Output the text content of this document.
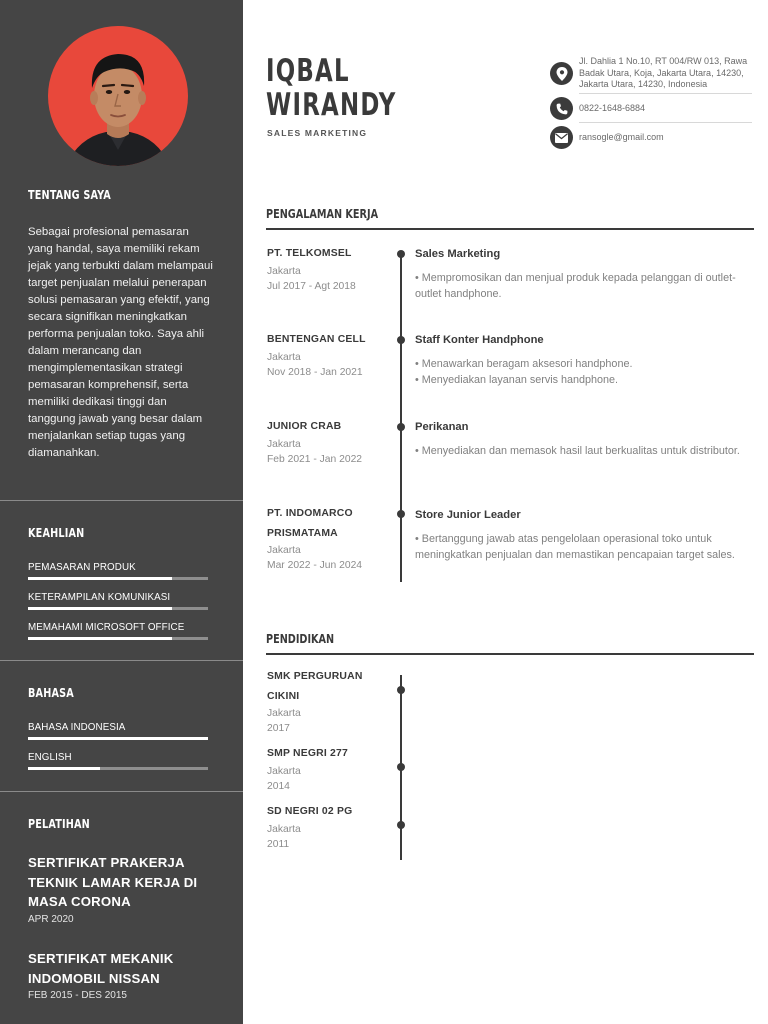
TENTANG SAYA

Sebagai profesional pemasaran yang handal, saya memiliki rekam jejak yang terbukti dalam melampaui target penjualan melalui penerapan solusi pemasaran yang efektif, yang secara signifikan meningkatkan performa penjualan toko. Saya ahli dalam merancang dan mengimplementasikan strategi pemasaran komprehensif, serta memiliki dedikasi tinggi dan tanggung jawab yang besar dalam menjalankan setiap tugas yang diamanahkan.

KEAHLIAN
PEMASARAN PRODUK
KETERAMPILAN KOMUNIKASI
MEMAHAMI MICROSOFT OFFICE
BAHASA
BAHASA INDONESIA
ENGLISH
PELATIHAN
SERTIFIKAT PRAKERJA TEKNIK LAMAR KERJA DI MASA CORONA
APR 2020
SERTIFIKAT MEKANIK INDOMOBIL NISSAN
FEB 2015 - DES 2015
IQBAL
WIRANDY
SALES MARKETING
Jl. Dahlia 1 No.10, RT 004/RW 013, Rawa Badak Utara, Koja, Jakarta Utara, 14230, Jakarta Utara, 14230, Indonesia
0822-1648-6884
ransogle@gmail.com
PENGALAMAN KERJA
PT. TELKOMSEL
Jakarta
Jul 2017 - Agt 2018
Sales Marketing
• Mempromosikan dan menjual produk kepada pelanggan di outlet-outlet handphone.
BENTENGAN CELL
Jakarta
Nov 2018 - Jan 2021
Staff Konter Handphone
• Menawarkan beragam aksesori handphone.
• Menyediakan layanan servis handphone.
JUNIOR CRAB
Jakarta
Feb 2021 - Jan 2022
Perikanan
• Menyediakan dan memasok hasil laut berkualitas untuk distributor.
PT. INDOMARCO PRISMATAMA
Jakarta
Mar 2022 - Jun 2024
Store Junior Leader
• Bertanggung jawab atas pengelolaan operasional toko untuk meningkatkan penjualan dan memastikan pencapaian target sales.
PENDIDIKAN
SMK PERGURUAN CIKINI
Jakarta
2017
SMP NEGRI 277
Jakarta
2014
SD NEGRI 02 PG
Jakarta
2011
